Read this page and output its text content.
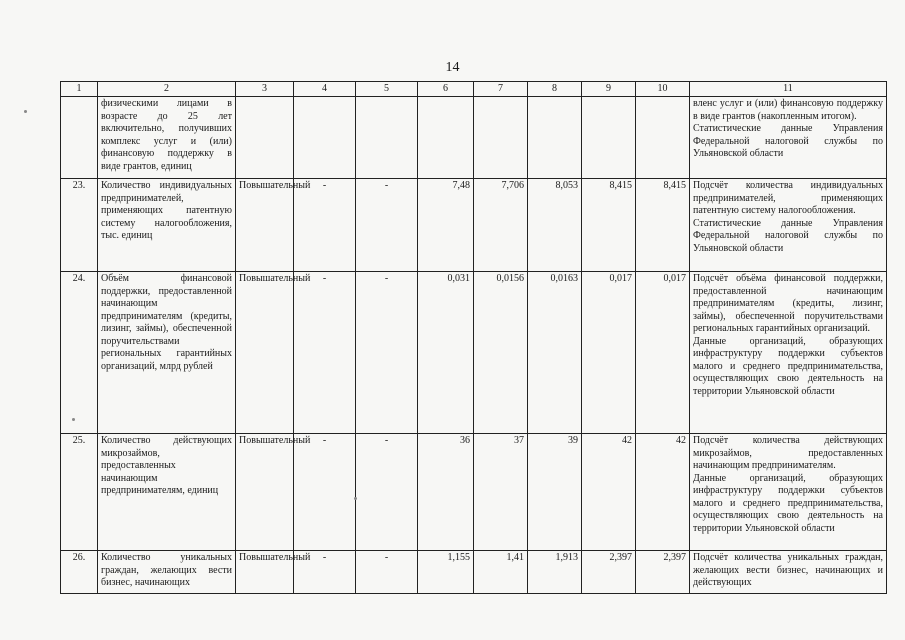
14
1	2	3	4	5	6	7	8	9	10	11
	физическими лицами в возрасте до 25 лет включительно, получивших комплекс услуг и (или) финансовую поддержку в виде грантов, единиц									вленс услуг и (или) финансовую поддержку в виде грантов (накопленным итогом).
Статистические данные Управления Федеральной налоговой службы по Ульяновской области

23.	Количество индивидуальных предпринимателей, применяющих патентную систему налогообложения, тыс. единиц	Повышательный	-	-	7,48	7,706	8,053	8,415	8,415	Подсчёт количества индивидуальных предпринимателей, применяющих патентную систему налогообложения.
Статистические данные Управления Федеральной налоговой службы по Ульяновской области

24.	Объём финансовой поддержки, предоставленной начинающим предпринимателям (кредиты, лизинг, займы), обеспеченной поручительствами региональных гарантийных организаций, млрд рублей	Повышательный	-	-	0,031	0,0156	0,0163	0,017	0,017	Подсчёт объёма финансовой поддержки, предоставленной начинающим предпринимателям (кредиты, лизинг, займы), обеспеченной поручительствами региональных гарантийных организаций.
Данные организаций, образующих инфраструктуру поддержки субъектов малого и среднего предпринимательства, осуществляющих свою деятельность на территории Ульяновской области

25.	Количество действующих микрозаймов, предоставленных начинающим предпринимателям, единиц	Повышательный	-	-	36	37	39	42	42	Подсчёт количества действующих микрозаймов, предоставленных начинающим предпринимателям.
Данные организаций, образующих инфраструктуру поддержки субъектов малого и среднего предпринимательства, осуществляющих свою деятельность на территории Ульяновской области

26.	Количество уникальных граждан, желающих вести бизнес, начинающих	Повышательный	-	-	1,155	1,41	1,913	2,397	2,397	Подсчёт количества уникальных граждан, желающих вести бизнес, начинающих и действующих
